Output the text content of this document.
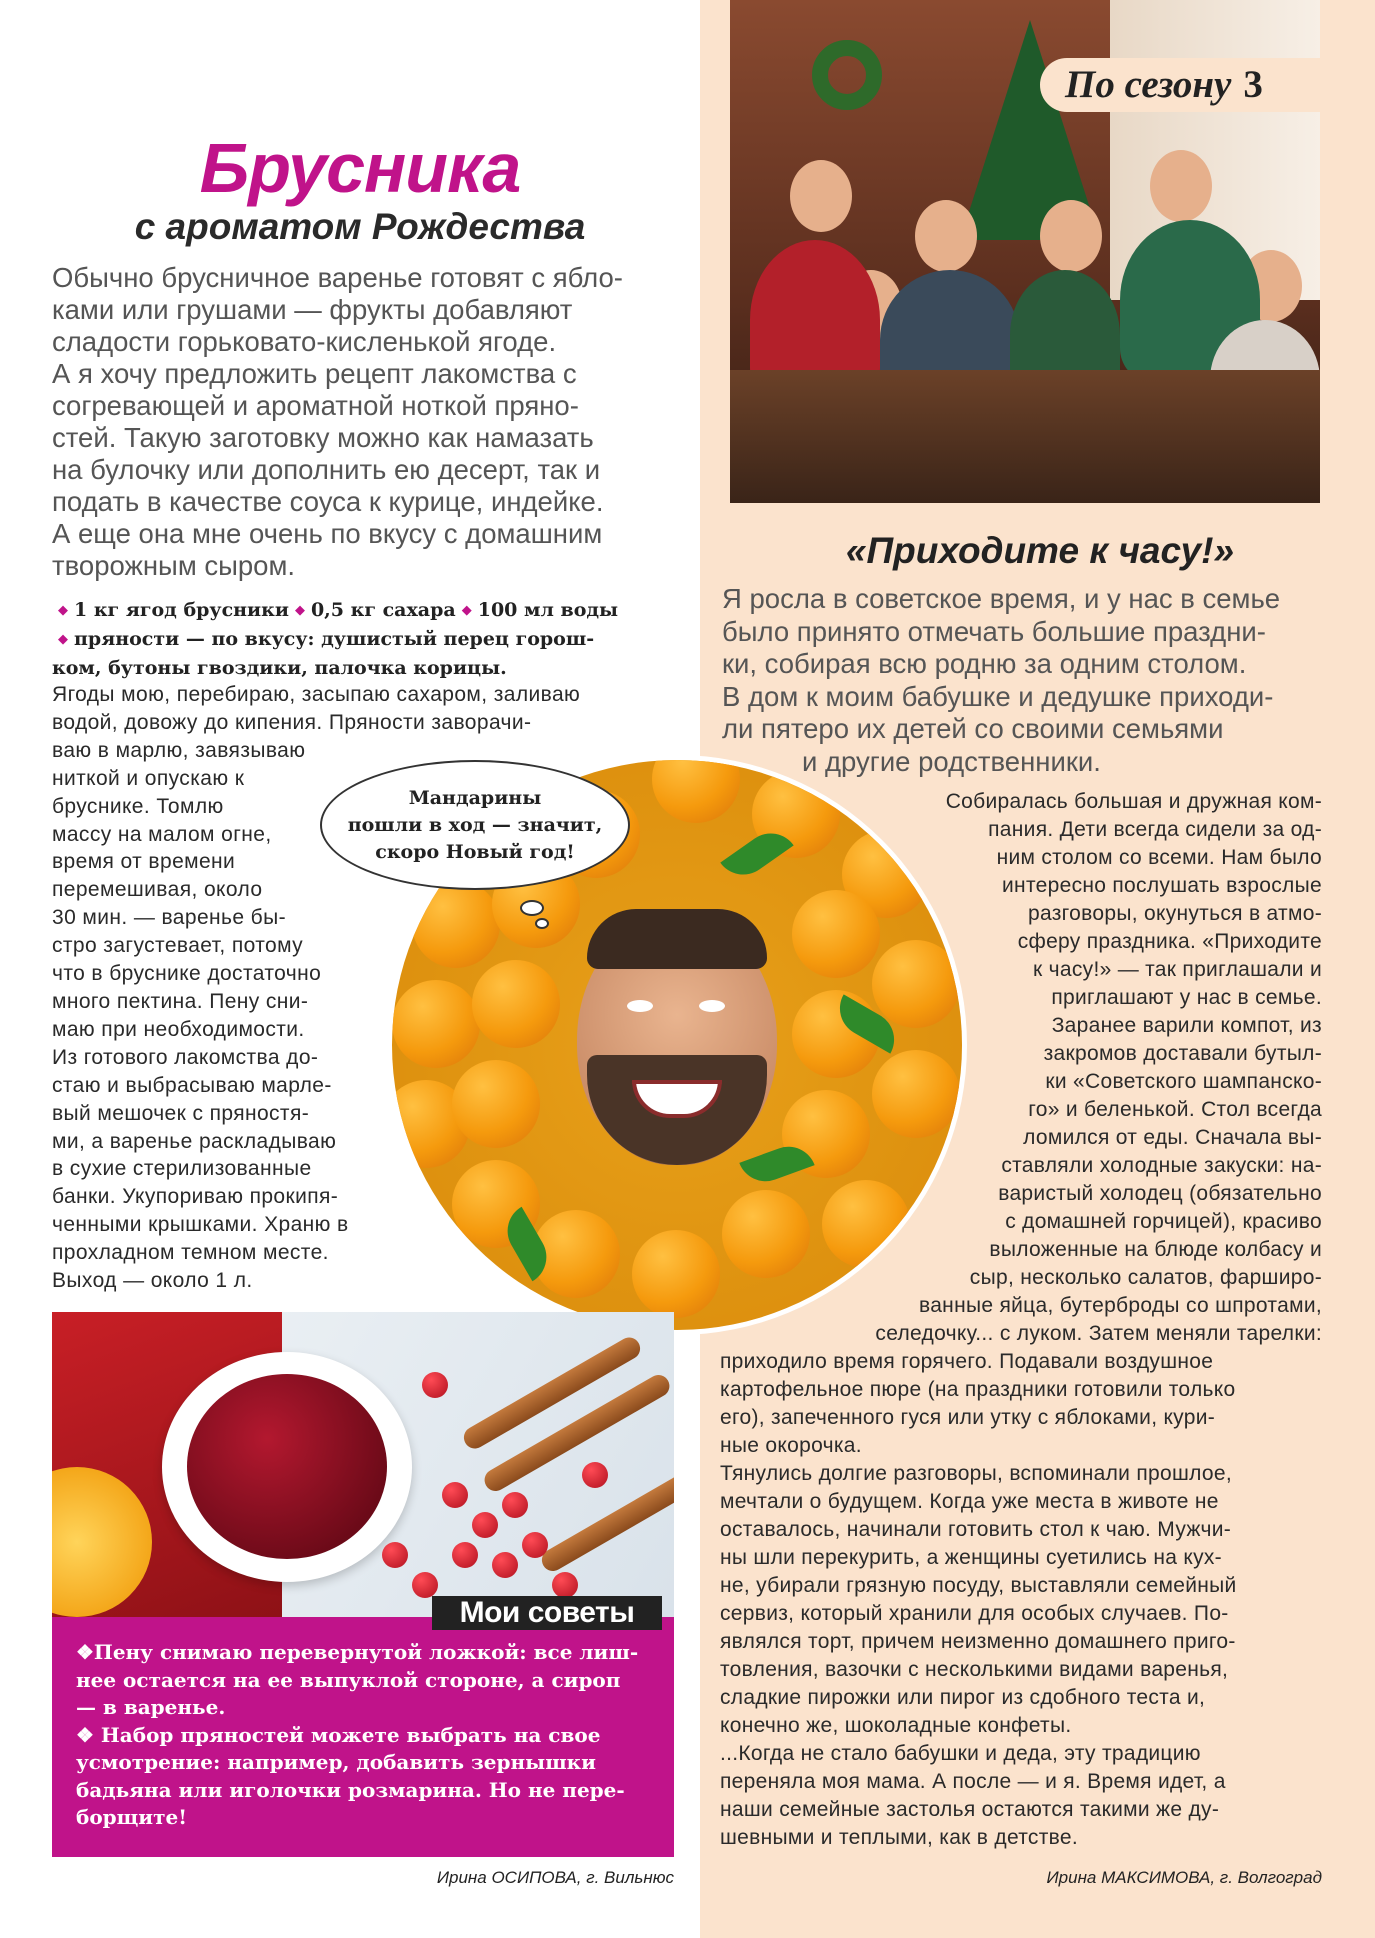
Брусника
с ароматом Рождества

Обычно брусничное варенье готовят с ябло-

ками или грушами — фрукты добавляют

сладости горьковато-кисленькой ягоде.

А я хочу предложить рецепт лакомства с

согревающей и ароматной ноткой пряно-

стей. Такую заготовку можно как намазать

на булочку или дополнить ею десерт, так и

подать в качестве соуса к курице, индейке.

А еще она мне очень по вкусу с домашним

творожным сыром.

◆ 1 кг ягод брусники ◆ 0,5 кг сахара ◆ 100 мл воды
◆ пряности — по вкусу: душистый перец горош-
ком, бутоны гвоздики, палочка корицы.
Ягоды мою, перебираю, засыпаю сахаром, заливаю
водой, довожу до кипения. Пряности заворачи-
ваю в марлю, завязываю
ниткой и опускаю к
бруснике. Томлю
массу на малом огне,
время от времени
перемешивая, около
30 мин. — варенье бы-
стро загустевает, потому
что в бруснике достаточно
много пектина. Пену сни-
маю при необходимости.
Из готового лакомства до-
стаю и выбрасываю марле-
вый мешочек с пряностя-
ми, а варенье раскладываю
в сухие стерилизованные
банки. Укупориваю прокипя-
ченными крышками. Храню в
прохладном темном месте.
Выход — около 1 л.
Мандарины
пошли в ход — значит,
скоро Новый год!
❖Пену снимаю перевернутой ложкой: все лиш-
нее остается на ее выпуклой стороне, а сироп
— в варенье.
❖ Набор пряностей можете выбрать на свое
усмотрение: например, добавить зернышки
бадьяна или иголочки розмарина. Но не пере-
борщите!
Мои советы
Ирина ОСИПОВА, г. Вильнюс
По сезону 3
«Приходите к часу!»
Я росла в советское время, и у нас в семье
было принято отмечать большие праздни-
ки, собирая всю родню за одним столом.
В дом к моим бабушке и дедушке приходи-
ли пятеро их детей со своими семьями
и другие родственники.
Собиралась большая и дружная ком-
пания. Дети всегда сидели за од-
ним столом со всеми. Нам было
интересно послушать взрослые
разговоры, окунуться в атмо-
сферу праздника. «Приходите
к часу!» — так приглашали и
приглашают у нас в семье.
Заранее варили компот, из
закромов доставали бутыл-
ки «Советского шампанско-
го» и беленькой. Стол всегда
ломился от еды. Сначала вы-
ставляли холодные закуски: на-
варистый холодец (обязательно
с домашней горчицей), красиво
выложенные на блюде колбасу и
сыр, несколько салатов, фарширо-
ванные яйца, бутерброды со шпротами,
селедочку... с луком. Затем меняли тарелки:
приходило время горячего. Подавали воздушное
картофельное пюре (на праздники готовили только
его), запеченного гуся или утку с яблоками, кури-
ные окорочка.
Тянулись долгие разговоры, вспоминали прошлое,
мечтали о будущем. Когда уже места в животе не
оставалось, начинали готовить стол к чаю. Мужчи-
ны шли перекурить, а женщины суетились на кух-
не, убирали грязную посуду, выставляли семейный
сервиз, который хранили для особых случаев. По-
являлся торт, причем неизменно домашнего приго-
товления, вазочки с несколькими видами варенья,
сладкие пирожки или пирог из сдобного теста и,
конечно же, шоколадные конфеты.
...Когда не стало бабушки и деда, эту традицию
переняла моя мама. А после — и я. Время идет, а
наши семейные застолья остаются такими же ду-
шевными и теплыми, как в детстве.
Ирина МАКСИМОВА, г. Волгоград
